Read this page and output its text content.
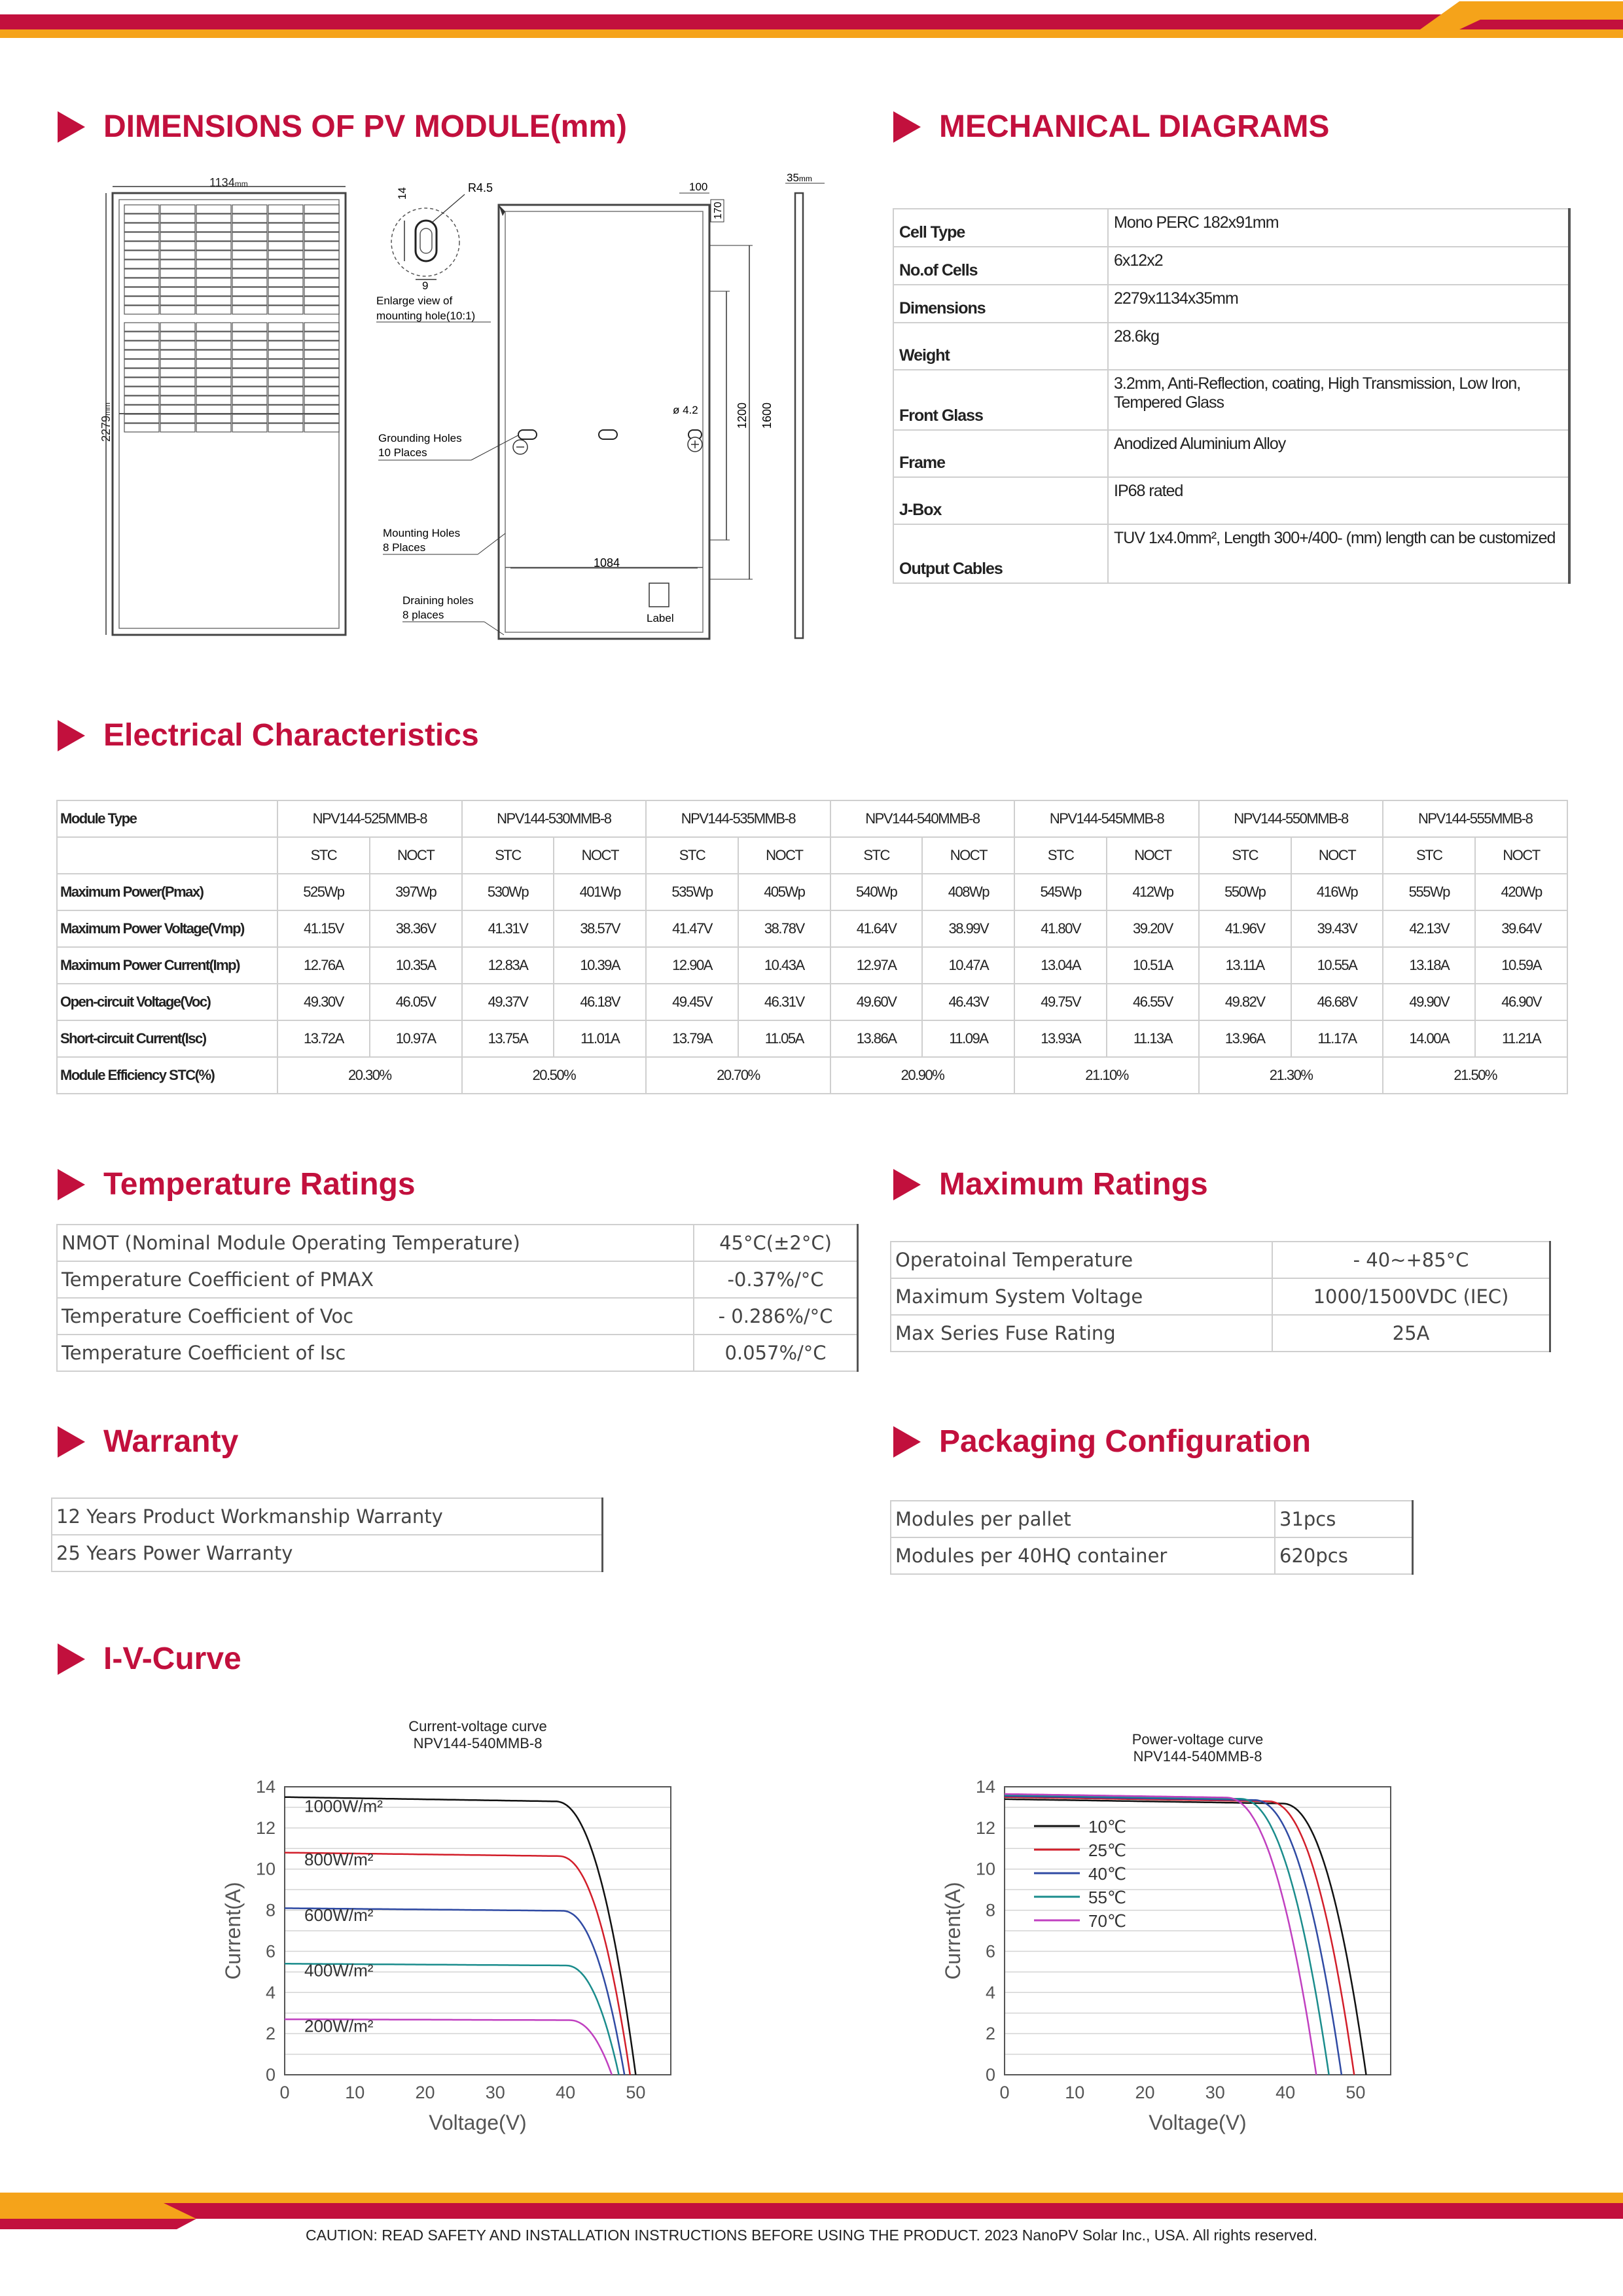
DIMENSIONS OF PV MODULE(mm)	MECHANICAL DIAGRAMS
Electrical Characteristics
Temperature Ratings	Maximum Ratings
Warranty	Packaging Configuration
I-V-Curve
1134mm
2279mm
14	R4.5
9
Enlarge view of
mounting hole(10:1)
1084
ø 4.2
Label
1200 1600
100
170
Grounding Holes
10 Places
Mounting Holes
8 Places
Draining holes
8 places
35mm
Cell Type	Mono PERC 182x91mm
No.of Cells	6x12x2
Dimensions	2279x1134x35mm
Weight	28.6kg
Front Glass	3.2mm, Anti-Reflection, coating, High Transmission, Low Iron, Tempered Glass
Frame	Anodized Aluminium Alloy
J-Box	IP68 rated
Output Cables	TUV 1x4.0mm², Length 300+/400- (mm) length can be customized
Module Type	NPV144-525MMB-8		NPV144-530MMB-8		NPV144-535MMB-8		NPV144-540MMB-8		NPV144-545MMB-8		NPV144-550MMB-8		NPV144-555MMB-8	
	STC	NOCT	STC	NOCT	STC	NOCT	STC	NOCT	STC	NOCT	STC	NOCT	STC	NOCT
Maximum Power(Pmax)	525Wp	397Wp	530Wp	401Wp	535Wp	405Wp	540Wp	408Wp	545Wp	412Wp	550Wp	416Wp	555Wp	420Wp
Maximum Power Voltage(Vmp)	41.15V	38.36V	41.31V	38.57V	41.47V	38.78V	41.64V	38.99V	41.80V	39.20V	41.96V	39.43V	42.13V	39.64V
Maximum Power Current(Imp)	12.76A	10.35A	12.83A	10.39A	12.90A	10.43A	12.97A	10.47A	13.04A	10.51A	13.11A	10.55A	13.18A	10.59A
Open-circuit Voltage(Voc)	49.30V	46.05V	49.37V	46.18V	49.45V	46.31V	49.60V	46.43V	49.75V	46.55V	49.82V	46.68V	49.90V	46.90V
Short-circuit Current(Isc)	13.72A	10.97A	13.75A	11.01A	13.79A	11.05A	13.86A	11.09A	13.93A	11.13A	13.96A	11.17A	14.00A	11.21A
Module Efficiency STC(%)	20.30%		20.50%		20.70%		20.90%		21.10%		21.30%		21.50%	
NMOT (Nominal Module Operating Temperature)	45°C(±2°C)
Temperature Coefficient of PMAX	-0.37%/°C
Temperature Coefficient of Voc	- 0.286%/°C
Temperature Coefficient of Isc	0.057%/°C
Operatoinal Temperature	- 40~+85°C
Maximum System Voltage	1000/1500VDC (IEC)
Max Series Fuse Rating	25A
12 Years Product Workmanship Warranty
25 Years Power Warranty
Modules per pallet	31pcs
Modules per 40HQ container	620pcs
Current-voltage curve
NPV144-540MMB-8
0
2
4
6
8
10
12
14
0	10	20	30	40	50
Voltage(V)
Current(A)
1000W/m²
800W/m²
600W/m²
400W/m²
200W/m²
Power-voltage curve
NPV144-540MMB-8
0
2
4
6
8
10
12
14
0	10	20	30	40	50
Voltage(V)
Current(A)
10℃
25℃
40℃
55℃
70℃
CAUTION: READ SAFETY AND INSTALLATION INSTRUCTIONS BEFORE USING THE PRODUCT. 2023 NanoPV Solar Inc., USA. All rights reserved.
